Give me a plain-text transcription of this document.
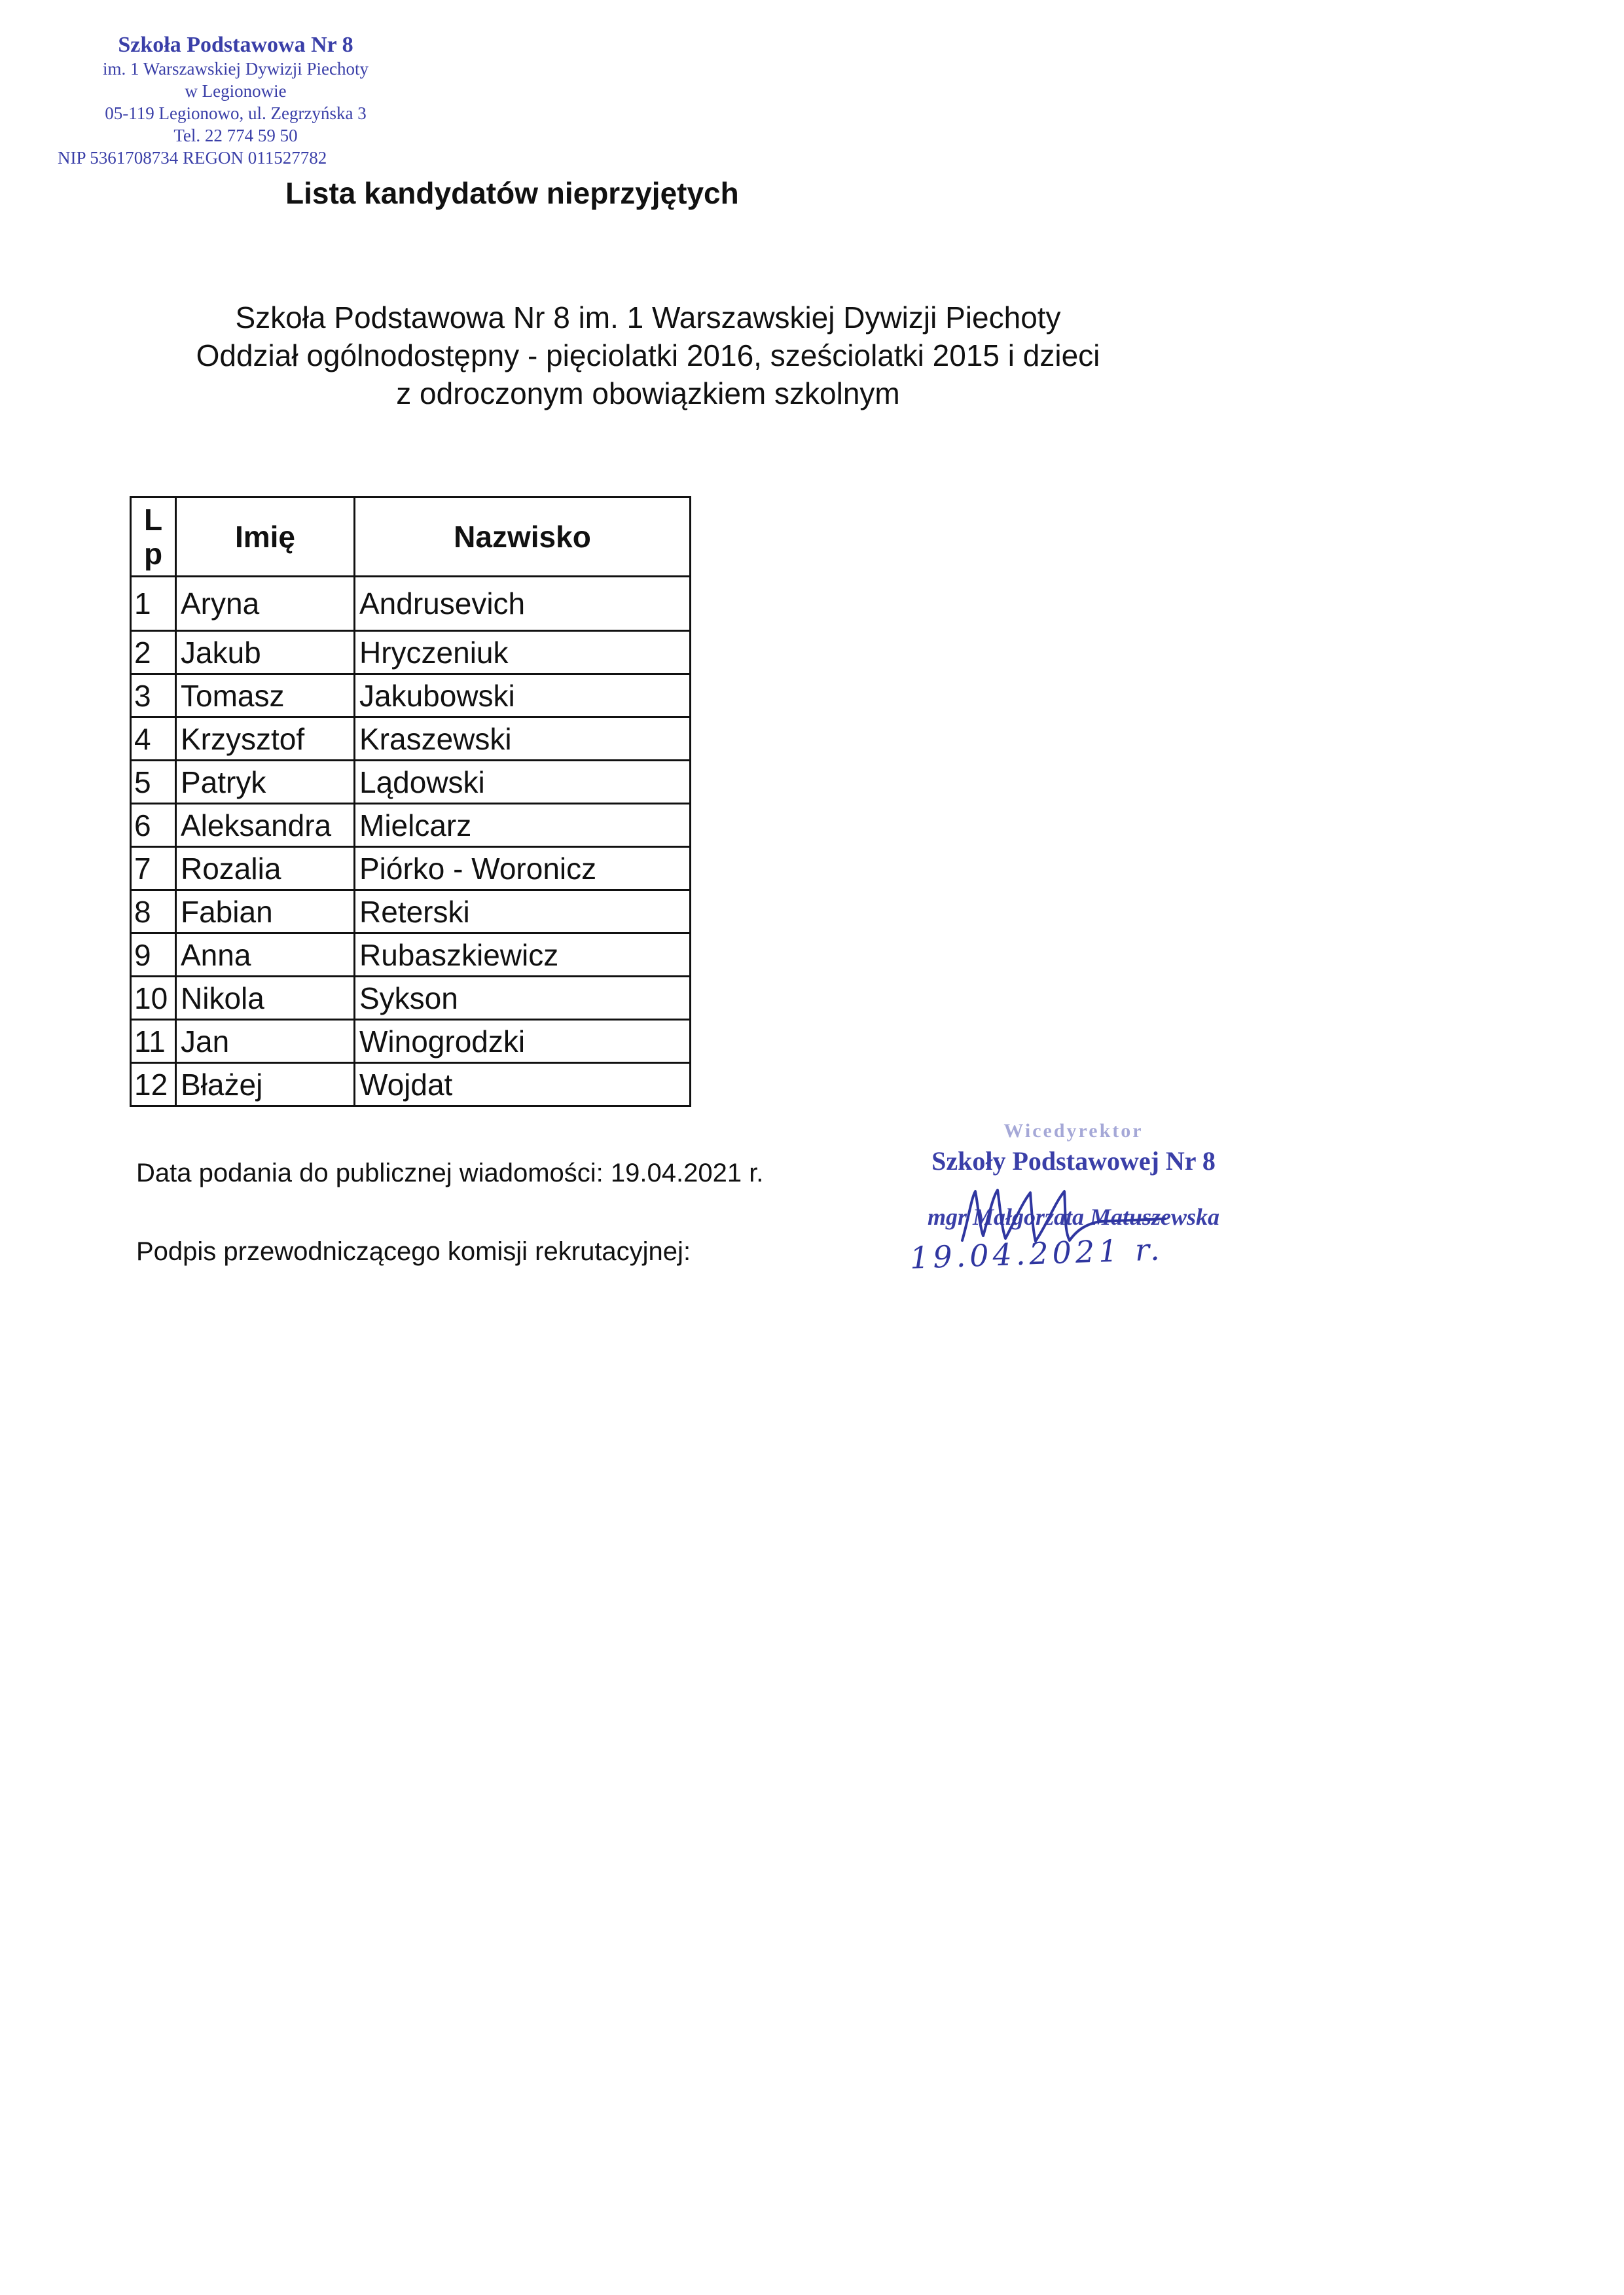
Szkoła Podstawowa Nr 8
im. 1 Warszawskiej Dywizji Piechoty
w Legionowie
05-119 Legionowo, ul. Zegrzyńska 3
Tel. 22 774 59 50
NIP 5361708734 REGON 011527782
Lista kandydatów nieprzyjętych
Szkoła Podstawowa Nr 8 im. 1 Warszawskiej Dywizji Piechoty
Oddział ogólnodostępny - pięciolatki 2016, sześciolatki 2015 i dzieci
z odroczonym obowiązkiem szkolnym
L
p	Imię	Nazwisko
1	Aryna	Andrusevich
2	Jakub	Hryczeniuk
3	Tomasz	Jakubowski
4	Krzysztof	Kraszewski
5	Patryk	Lądowski
6	Aleksandra	Mielcarz
7	Rozalia	Piórko - Woronicz
8	Fabian	Reterski
9	Anna	Rubaszkiewicz
10	Nikola	Sykson
11	Jan	Winogrodzki
12	Błażej	Wojdat
Data podania do publicznej wiadomości: 19.04.2021 r.
Podpis przewodniczącego komisji rekrutacyjnej:
Wicedyrektor
Szkoły Podstawowej Nr 8
mgr Małgorzata Matuszewska
19.04.2021 r.
